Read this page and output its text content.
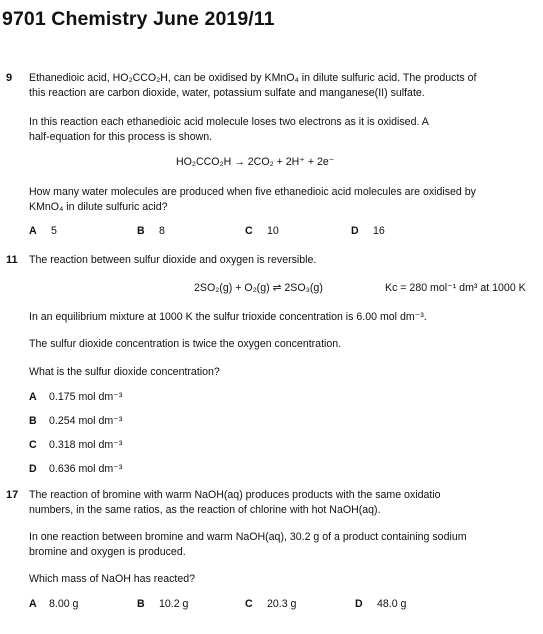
9701 Chemistry June 2019/11
9 Ethanedioic acid, HO₂CCO₂H, can be oxidised by KMnO₄ in dilute sulfuric acid. The products of
this reaction are carbon dioxide, water, potassium sulfate and manganese(II) sulfate.
In this reaction each ethanedioic acid molecule loses two electrons as it is oxidised. A
half-equation for this process is shown.
HO₂CCO₂H → 2CO₂ + 2H⁺ + 2e⁻
How many water molecules are produced when five ethanedioic acid molecules are oxidised by
KMnO₄ in dilute sulfuric acid?
A 5	B 8	C 10	D 16
11 The reaction between sulfur dioxide and oxygen is reversible.
2SO₂(g) + O₂(g) ⇌ 2SO₃(g)	Kc = 280 mol⁻¹ dm³ at 1000 K
In an equilibrium mixture at 1000 K the sulfur trioxide concentration is 6.00 mol dm⁻³.
The sulfur dioxide concentration is twice the oxygen concentration.
What is the sulfur dioxide concentration?
A 0.175 mol dm⁻³
B 0.254 mol dm⁻³
C 0.318 mol dm⁻³
D 0.636 mol dm⁻³
17 The reaction of bromine with warm NaOH(aq) produces products with the same oxidatio
numbers, in the same ratios, as the reaction of chlorine with hot NaOH(aq).
In one reaction between bromine and warm NaOH(aq), 30.2 g of a product containing sodium
bromine and oxygen is produced.
Which mass of NaOH has reacted?
A 8.00 g	B 10.2 g	C 20.3 g	D 48.0 g
